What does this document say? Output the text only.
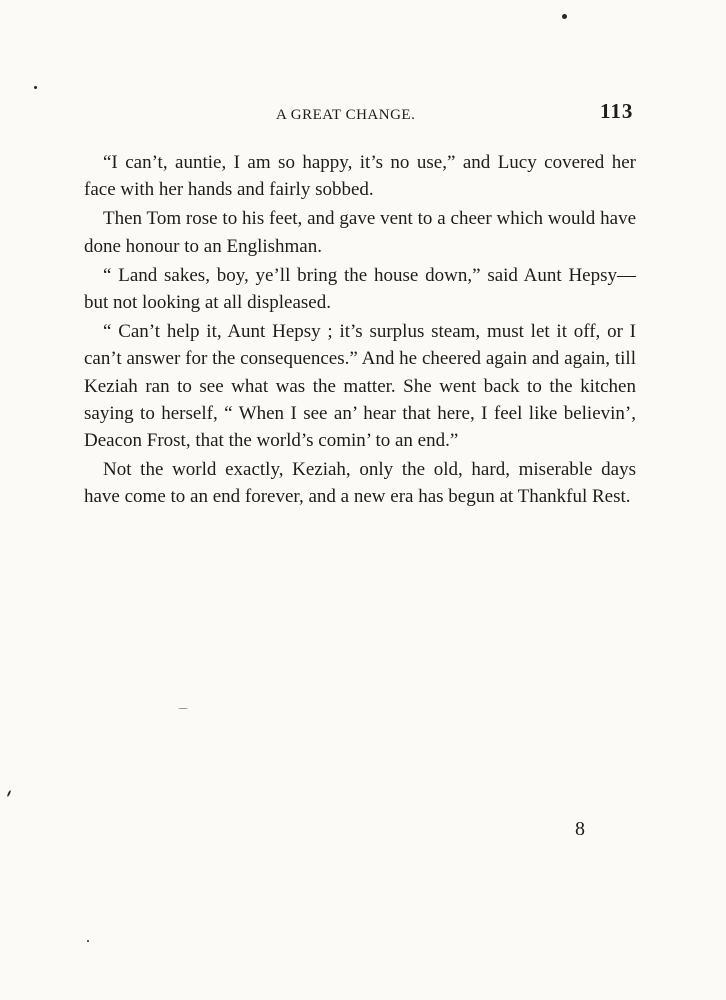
A GREAT CHANGE.	113

“I can’t, auntie, I am so happy, it’s no use,” and Lucy covered her face with her hands and fairly sobbed.

Then Tom rose to his feet, and gave vent to a cheer which would have done honour to an Englishman.

“ Land sakes, boy, ye’ll bring the house down,” said Aunt Hepsy—but not looking at all displeased.

“ Can’t help it, Aunt Hepsy ; it’s surplus steam, must let it off, or I can’t answer for the consequences.” And he cheered again and again, till Keziah ran to see what was the matter. She went back to the kitchen saying to herself, “ When I see an’ hear that here, I feel like believin’, Deacon Frost, that the world’s comin’ to an end.”

Not the world exactly, Keziah, only the old, hard, miserable days have come to an end forever, and a new era has begun at Thankful Rest.

8
